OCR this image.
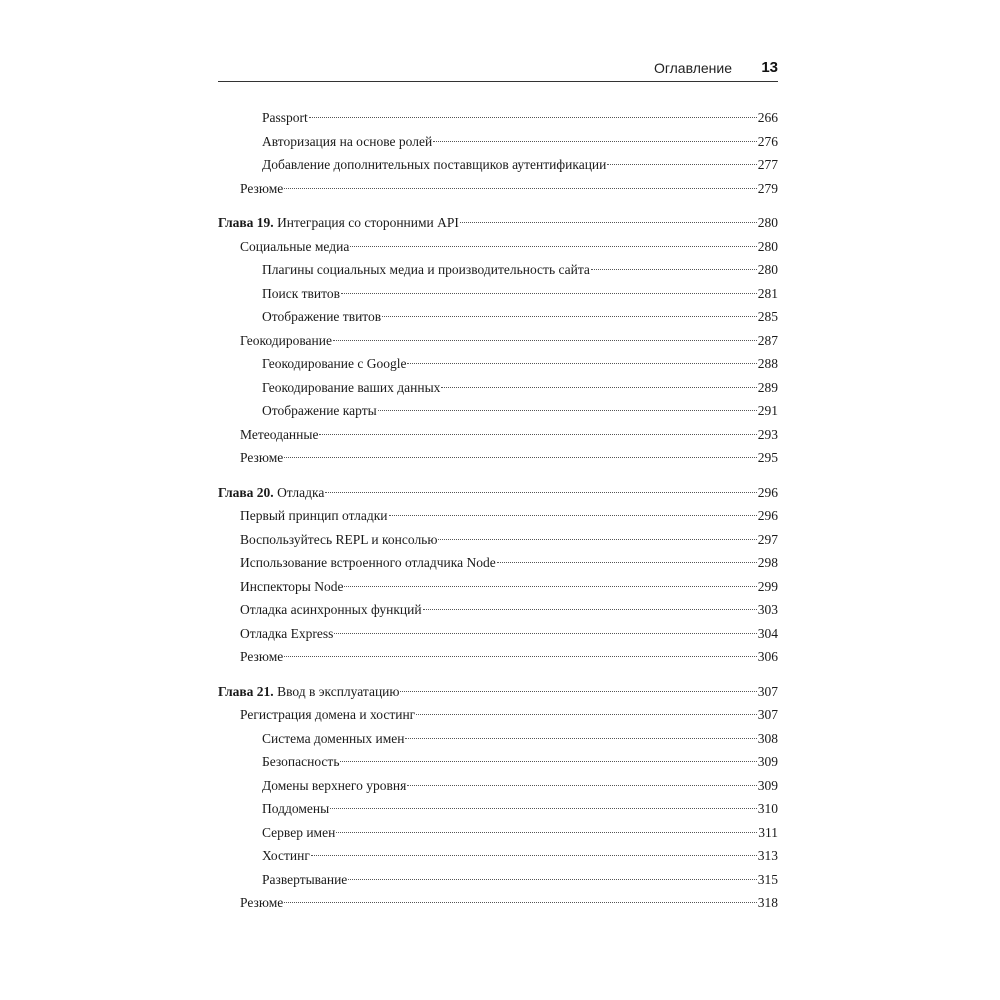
Оглавление 13
Passport	266
Авторизация на основе ролей	276
Добавление дополнительных поставщиков аутентификации	277
Резюме	279
Глава 19. Интеграция со сторонними API	280
Социальные медиа	280
Плагины социальных медиа и производительность сайта	280
Поиск твитов	281
Отображение твитов	285
Геокодирование	287
Геокодирование с Google	288
Геокодирование ваших данных	289
Отображение карты	291
Метеоданные	293
Резюме	295
Глава 20. Отладка	296
Первый принцип отладки	296
Воспользуйтесь REPL и консолью	297
Использование встроенного отладчика Node	298
Инспекторы Node	299
Отладка асинхронных функций	303
Отладка Express	304
Резюме	306
Глава 21. Ввод в эксплуатацию	307
Регистрация домена и хостинг	307
Система доменных имен	308
Безопасность	309
Домены верхнего уровня	309
Поддомены	310
Сервер имен	311
Хостинг	313
Развертывание	315
Резюме	318
